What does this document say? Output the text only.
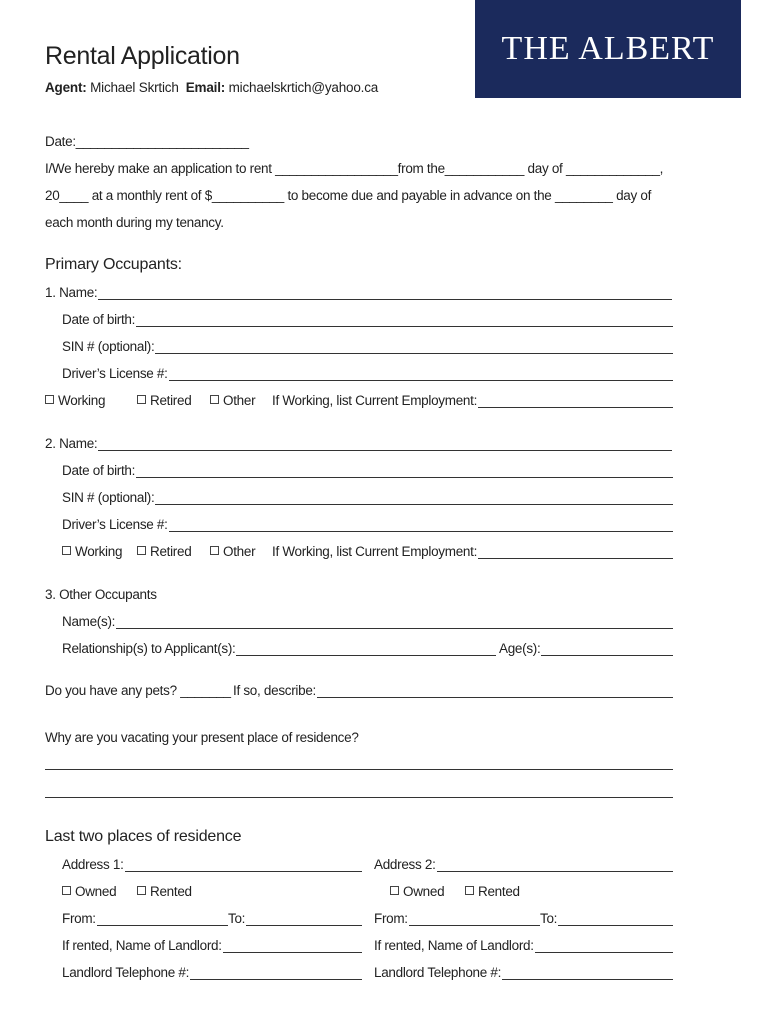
THE ALBERT
Rental Application
Agent: Michael Skrtich Email: michaelskrtich@yahoo.ca
Date:________________________
I/We hereby make an application to rent _________________from the___________ day of _____________,
20____ at a monthly rent of $__________ to become due and payable in advance on the ________ day of
each month during my tenancy.
Primary Occupants:
1. Name:
Date of birth:
SIN # (optional):
Driver’s License #:
Working	Retired	Other If Working, list Current Employment:
2. Name:
Date of birth:
SIN # (optional):
Driver’s License #:
Working	Retired	Other If Working, list Current Employment:
3. Other Occupants
Name(s):
Relationship(s) to Applicant(s):	Age(s):
Do you have any pets? _______ If so, describe:
Why are you vacating your present place of residence?
Last two places of residence
Address 1:	Address 2:
Owned	Rented	Owned	Rented
From:	To:	From:	To:
If rented, Name of Landlord:	If rented, Name of Landlord:
Landlord Telephone #:	Landlord Telephone #:
